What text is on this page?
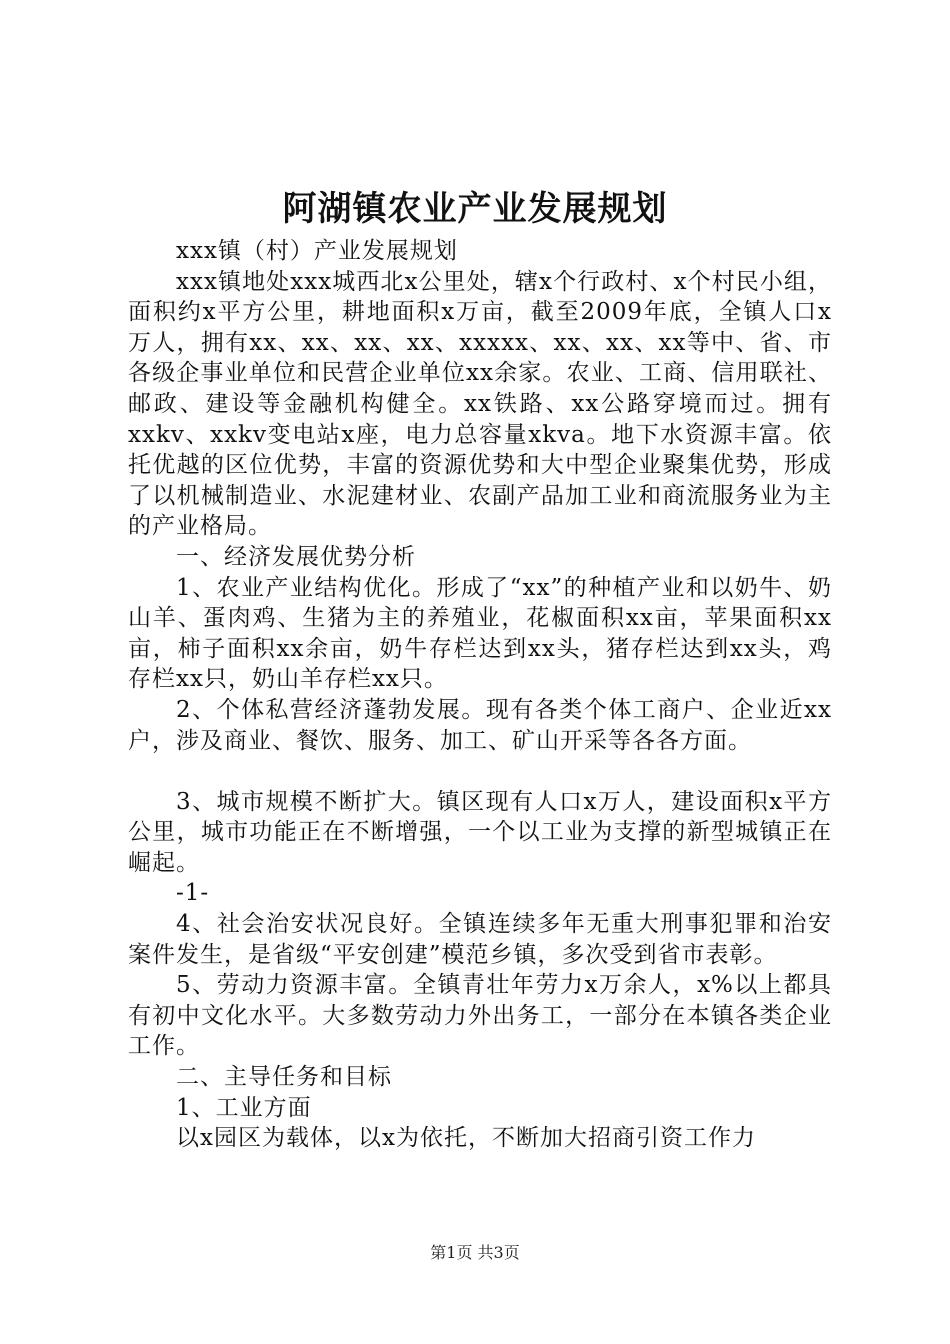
阿湖镇农业产业发展规划

xxx镇（村）产业发展规划

xxx镇地处xxx城西北x公里处，辖x个行政村、x个村民小组，面积约x平方公里，耕地面积x万亩，截至2009年底，全镇人口x万人，拥有xx、xx、xx、xx、xxxxx、xx、xx、xx等中、省、市各级企事业单位和民营企业单位xx余家。农业、工商、信用联社、邮政、建设等金融机构健全。xx铁路、xx公路穿境而过。拥有xxkv、xxkv变电站x座，电力总容量xkva。地下水资源丰富。依托优越的区位优势，丰富的资源优势和大中型企业聚集优势，形成了以机械制造业、水泥建材业、农副产品加工业和商流服务业为主的产业格局。

一、经济发展优势分析

1、农业产业结构优化。形成了“xx”的种植产业和以奶牛、奶山羊、蛋肉鸡、生猪为主的养殖业，花椒面积xx亩，苹果面积xx亩，柿子面积xx余亩，奶牛存栏达到xx头，猪存栏达到xx头，鸡存栏xx只，奶山羊存栏xx只。

2、个体私营经济蓬勃发展。现有各类个体工商户、企业近xx户，涉及商业、餐饮、服务、加工、矿山开采等各各方面。

3、城市规模不断扩大。镇区现有人口x万人，建设面积x平方公里，城市功能正在不断增强，一个以工业为支撑的新型城镇正在崛起。

-1-

4、社会治安状况良好。全镇连续多年无重大刑事犯罪和治安案件发生，是省级“平安创建”模范乡镇，多次受到省市表彰。

5、劳动力资源丰富。全镇青壮年劳力x万余人，x%以上都具有初中文化水平。大多数劳动力外出务工，一部分在本镇各类企业工作。

二、主导任务和目标

1、工业方面

以x园区为载体，以x为依托，不断加大招商引资工作力

第1页 共3页
